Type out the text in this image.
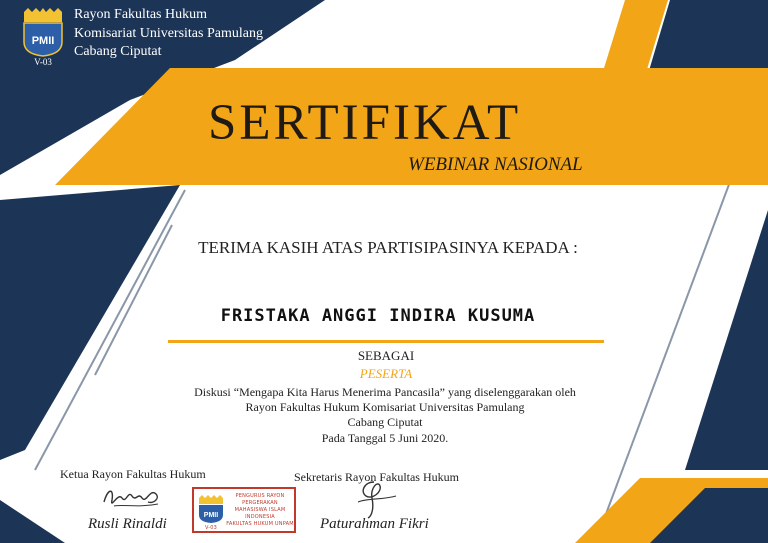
PMII
V-03
Rayon Fakultas Hukum
Komisariat Universitas Pamulang
Cabang Ciputat
SERTIFIKAT
WEBINAR NASIONAL
TERIMA KASIH ATAS PARTISIPASINYA KEPADA :
FRISTAKA ANGGI INDIRA KUSUMA
SEBAGAI
PESERTA
Diskusi “Mengapa Kita Harus Menerima Pancasila” yang diselenggarakan oleh
Rayon Fakultas Hukum Komisariat Universitas Pamulang
Cabang Ciputat
Pada Tanggal 5 Juni 2020.
Ketua Rayon Fakultas Hukum
Rusli Rinaldi
PMII
PENGURUS RAYON
PERGERAKAN
MAHASISWA ISLAM
INDONESIA
FAKULTAS HUKUM UNPAM
V-03
Sekretaris Rayon Fakultas Hukum
Paturahman Fikri
